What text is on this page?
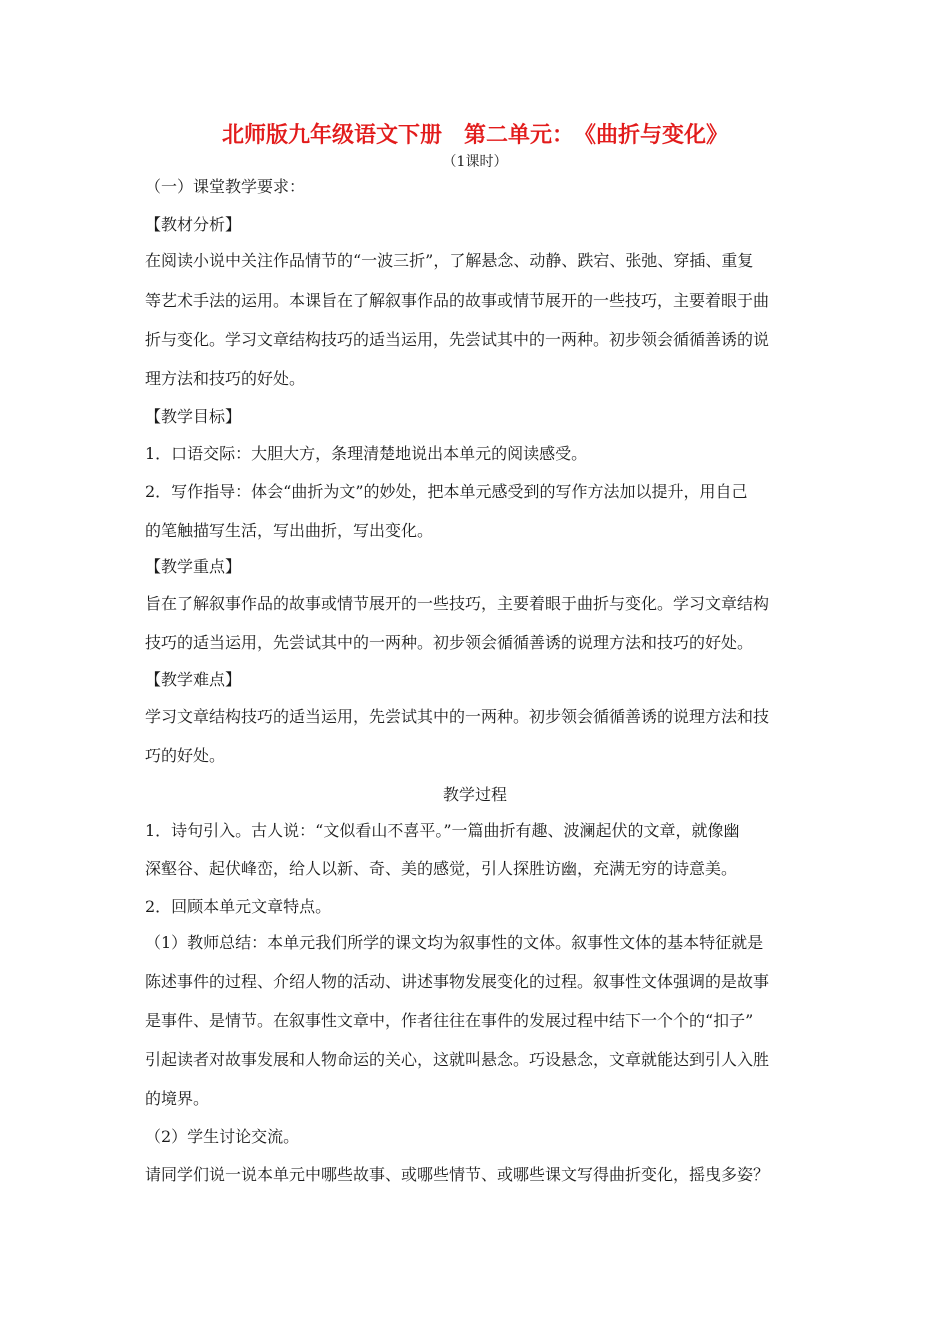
北师版九年级语文下册　第二单元：　《曲折与变化》
（1课时）
（一）课堂教学要求：
【教材分析】
在阅读小说中关注作品情节的“一波三折”，了解悬念、动静、跌宕、张弛、穿插、重复
等艺术手法的运用。本课旨在了解叙事作品的故事或情节展开的一些技巧，主要着眼于曲
折与变化。学习文章结构技巧的适当运用，先尝试其中的一两种。初步领会循循善诱的说
理方法和技巧的好处。
【教学目标】
1．口语交际：大胆大方，条理清楚地说出本单元的阅读感受。
2．写作指导：体会“曲折为文”的妙处，把本单元感受到的写作方法加以提升，用自己
的笔触描写生活，写出曲折，写出变化。
【教学重点】
旨在了解叙事作品的故事或情节展开的一些技巧，主要着眼于曲折与变化。学习文章结构
技巧的适当运用，先尝试其中的一两种。初步领会循循善诱的说理方法和技巧的好处。
【教学难点】
学习文章结构技巧的适当运用，先尝试其中的一两种。初步领会循循善诱的说理方法和技
巧的好处。
教学过程
1．诗句引入。古人说：“文似看山不喜平。”一篇曲折有趣、波澜起伏的文章，就像幽
深壑谷、起伏峰峦，给人以新、奇、美的感觉，引人探胜访幽，充满无穷的诗意美。
2．回顾本单元文章特点。
（1）教师总结：本单元我们所学的课文均为叙事性的文体。叙事性文体的基本特征就是
陈述事件的过程、介绍人物的活动、讲述事物发展变化的过程。叙事性文体强调的是故事
是事件、是情节。在叙事性文章中，作者往往在事件的发展过程中结下一个个的“扣子”
引起读者对故事发展和人物命运的关心，这就叫悬念。巧设悬念，文章就能达到引人入胜
的境界。
（2）学生讨论交流。
请同学们说一说本单元中哪些故事、或哪些情节、或哪些课文写得曲折变化，摇曳多姿？
